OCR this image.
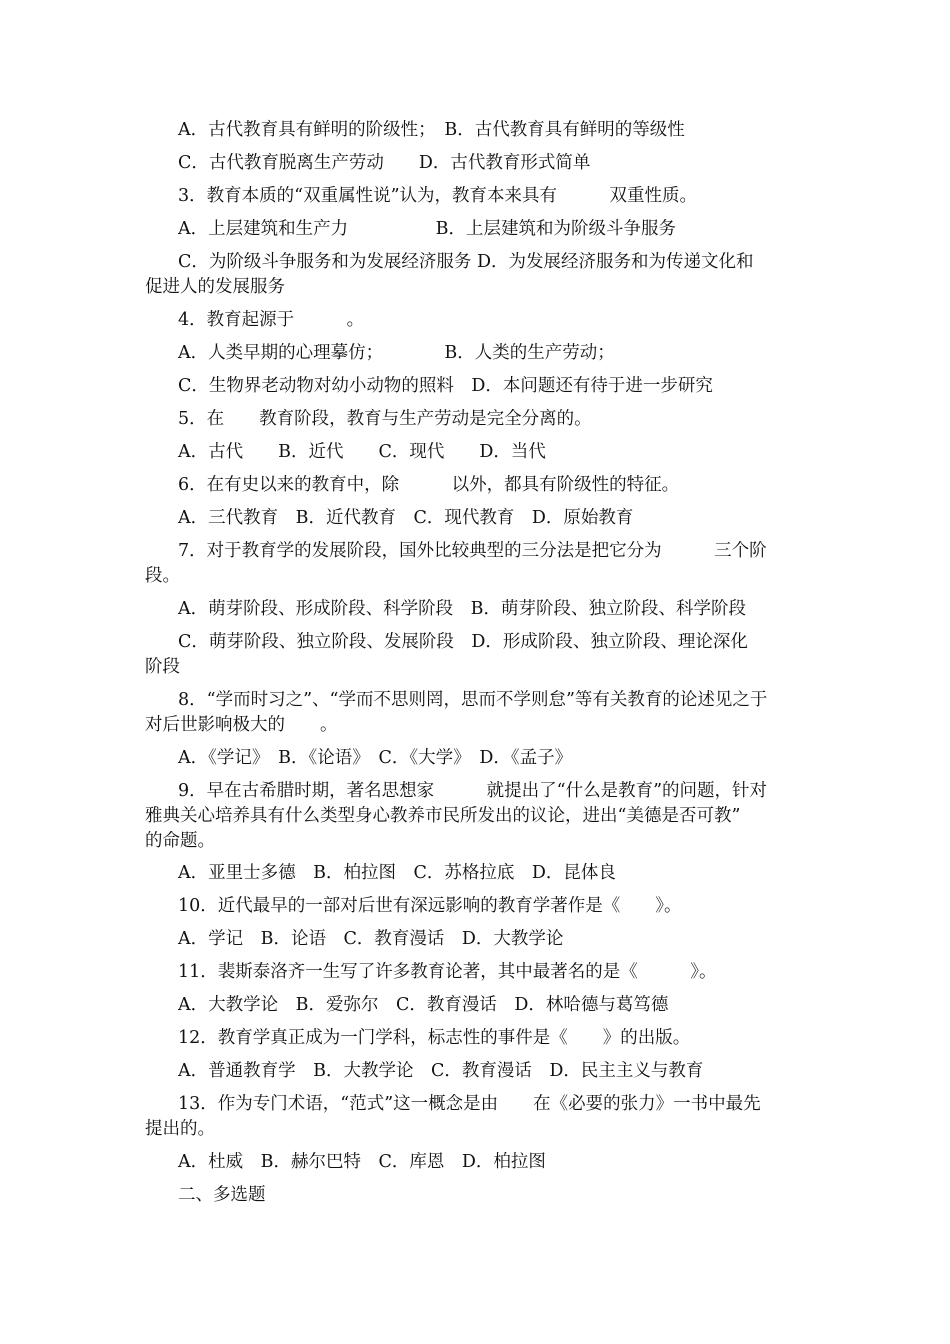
A．古代教育具有鲜明的阶级性；　B．古代教育具有鲜明的等级性
C．古代教育脱离生产劳动　　D．古代教育形式简单
3．教育本质的“双重属性说”认为，教育本来具有　　　双重性质。
A．上层建筑和生产力　　　　　B．上层建筑和为阶级斗争服务
C．为阶级斗争服务和为发展经济服务 D．为发展经济服务和为传递文化和
促进人的发展服务
4．教育起源于　　　。
A．人类早期的心理摹仿；　　　　B．人类的生产劳动；
C．生物界老动物对幼小动物的照料　D．本问题还有待于进一步研究
5．在　　教育阶段，教育与生产劳动是完全分离的。
A．古代　　B．近代　　C．现代　　D．当代
6．在有史以来的教育中，除　　　以外，都具有阶级性的特征。
A．三代教育　B．近代教育　C．现代教育　D．原始教育
7．对于教育学的发展阶段，国外比较典型的三分法是把它分为　　　三个阶
段。
A．萌芽阶段、形成阶段、科学阶段　B．萌芽阶段、独立阶段、科学阶段
C．萌芽阶段、独立阶段、发展阶段　D．形成阶段、独立阶段、理论深化
阶段
8．“学而时习之”、“学而不思则罔，思而不学则怠”等有关教育的论述见之于
对后世影响极大的　　。
A．《学记》　B．《论语》　C．《大学》　D．《孟子》
9．早在古希腊时期，著名思想家　　　就提出了“什么是教育”的问题，针对
雅典关心培养具有什么类型身心教养市民所发出的议论，进出“美德是否可教”
的命题。
A．亚里士多德　B．柏拉图　C．苏格拉底　D．昆体良
10．近代最早的一部对后世有深远影响的教育学著作是《　　》。
A．学记　B．论语　C．教育漫话　D．大教学论
11．裴斯泰洛齐一生写了许多教育论著，其中最著名的是《　　　》。
A．大教学论　B．爱弥尔　C．教育漫话　D．林哈德与葛笃德
12．教育学真正成为一门学科，标志性的事件是《　　》的出版。
A．普通教育学　B．大教学论　C．教育漫话　D．民主主义与教育
13．作为专门术语，“范式”这一概念是由　　在《必要的张力》一书中最先
提出的。
A．杜威　B．赫尔巴特　C．库恩　D．柏拉图
二、多选题
